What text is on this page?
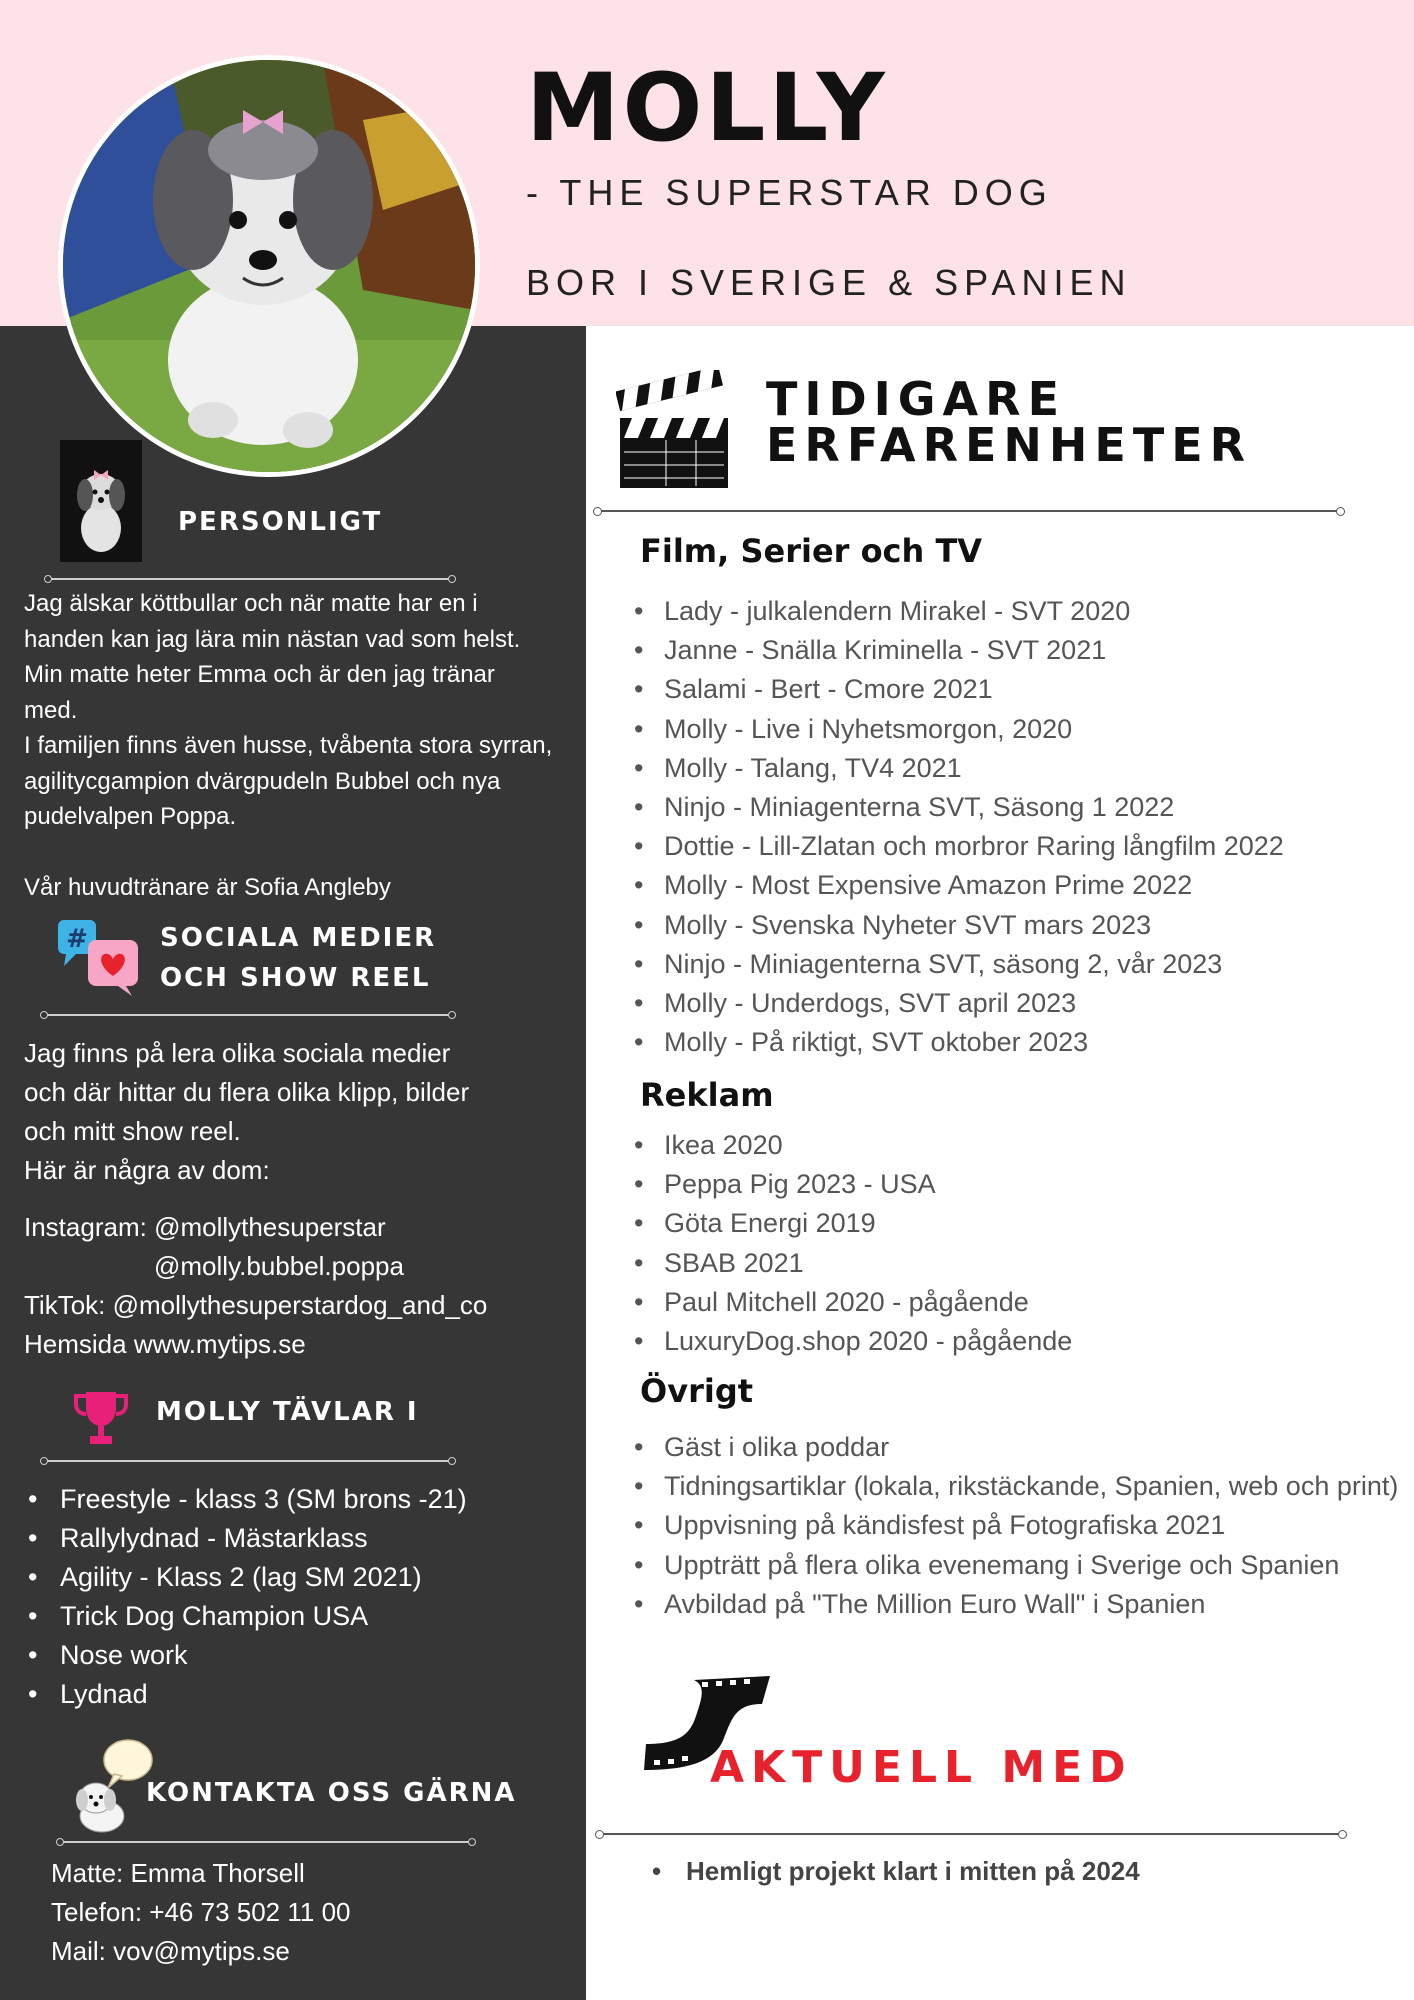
MOLLY
- THE SUPERSTAR DOG
BOR I SVERIGE & SPANIEN
PERSONLIGT

Jag älskar köttbullar och när matte har en i

handen kan jag lära min nästan vad som helst.

Min matte heter Emma och är den jag tränar

med.

I familjen finns även husse, tvåbenta stora syrran,

agilitycgampion dvärgpudeln Bubbel och nya

pudelvalpen Poppa.

Vår huvudtränare är Sofia Angleby

#	SOCIALA MEDIER
OCH SHOW REEL

Jag finns på lera olika sociala medier

och där hittar du flera olika klipp, bilder

och mitt show reel.

Här är några av dom:

Instagram: @mollythesuperstar

@molly.bubbel.poppa

TikTok: @mollythesuperstardog_and_co

Hemsida www.mytips.se

MOLLY TÄVLAR I
• Freestyle - klass 3 (SM brons -21)
• Rallylydnad - Mästarklass
• Agility - Klass 2 (lag SM 2021)
• Trick Dog Champion USA
• Nose work
• Lydnad
KONTAKTA OSS GÄRNA

Matte: Emma Thorsell

Telefon: +46 73 502 11 00

Mail: vov@mytips.se

TIDIGARE
ERFARENHETER
Film, Serier och TV
• Lady - julkalendern Mirakel - SVT 2020
• Janne - Snälla Kriminella - SVT 2021
• Salami - Bert - Cmore 2021
• Molly - Live i Nyhetsmorgon, 2020
• Molly - Talang, TV4 2021
• Ninjo - Miniagenterna SVT, Säsong 1 2022
• Dottie - Lill-Zlatan och morbror Raring långfilm 2022
• Molly - Most Expensive Amazon Prime 2022
• Molly - Svenska Nyheter SVT mars 2023
• Ninjo - Miniagenterna SVT, säsong 2, vår 2023
• Molly - Underdogs, SVT april 2023
• Molly - På riktigt, SVT oktober 2023
Reklam
• Ikea 2020
• Peppa Pig 2023 - USA
• Göta Energi 2019
• SBAB 2021
• Paul Mitchell 2020 - pågående
• LuxuryDog.shop 2020 - pågående
Övrigt
• Gäst i olika poddar
• Tidningsartiklar (lokala, rikstäckande, Spanien, web och print)
• Uppvisning på kändisfest på Fotografiska 2021
• Uppträtt på flera olika evenemang i Sverige och Spanien
• Avbildad på "The Million Euro Wall" i Spanien
AKTUELL MED
• Hemligt projekt klart i mitten på 2024
